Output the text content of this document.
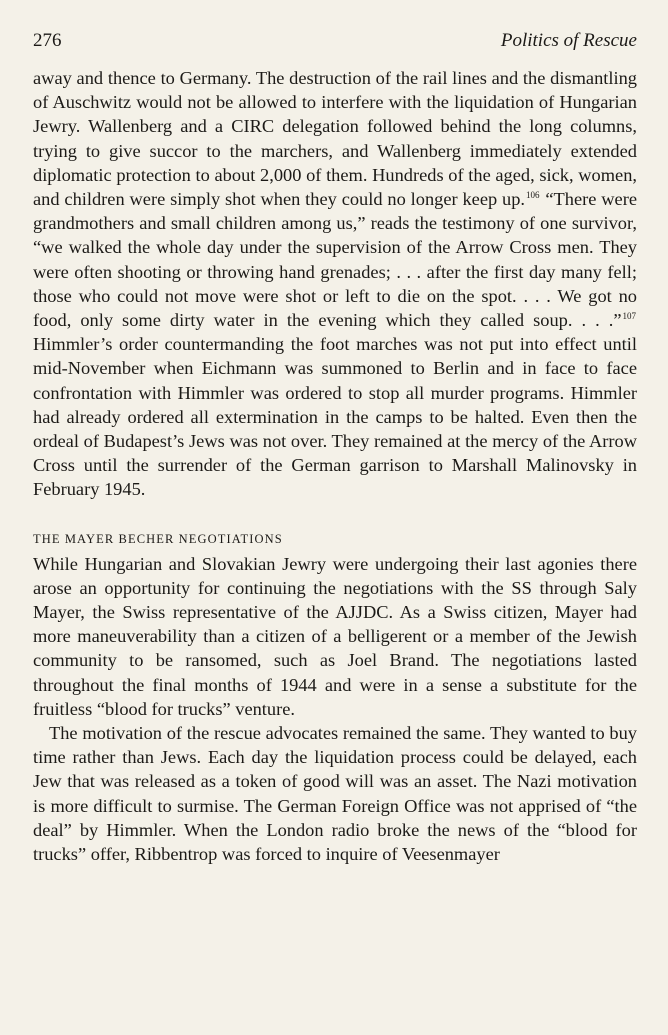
276	Politics of Rescue

away and thence to Germany. The destruction of the rail lines and the dismantling of Auschwitz would not be allowed to interfere with the liquidation of Hungarian Jewry. Wallenberg and a CIRC delegation followed behind the long columns, trying to give succor to the marchers, and Wallenberg immediately extended diplomatic protection to about 2,000 of them. Hundreds of the aged, sick, women, and children were simply shot when they could no longer keep up.$^{106}$ “There were grandmothers and small children among us,” reads the testimony of one survivor, “we walked the whole day under the supervision of the Arrow Cross men. They were often shooting or throwing hand grenades; . . . after the first day many fell; those who could not move were shot or left to die on the spot. . . . We got no food, only some dirty water in the evening which they called soup. . . .”$^{107}$ Himmler’s order countermanding the foot marches was not put into effect until mid-November when Eichmann was summoned to Berlin and in face to face confrontation with Himmler was ordered to stop all murder programs. Himmler had already ordered all extermination in the camps to be halted. Even then the ordeal of Budapest’s Jews was not over. They remained at the mercy of the Arrow Cross until the surrender of the German garrison to Marshall Malinovsky in February 1945.

THE MAYER BECHER NEGOTIATIONS

While Hungarian and Slovakian Jewry were undergoing their last agonies there arose an opportunity for continuing the negotiations with the SS through Saly Mayer, the Swiss representative of the AJJDC. As a Swiss citizen, Mayer had more maneuverability than a citizen of a belligerent or a member of the Jewish community to be ransomed, such as Joel Brand. The negotiations lasted throughout the final months of 1944 and were in a sense a substitute for the fruitless “blood for trucks” venture.

The motivation of the rescue advocates remained the same. They wanted to buy time rather than Jews. Each day the liquidation process could be delayed, each Jew that was released as a token of good will was an asset. The Nazi motivation is more difficult to surmise. The German Foreign Office was not apprised of “the deal” by Himmler. When the London radio broke the news of the “blood for trucks” offer, Ribbentrop was forced to inquire of Veesenmayer
